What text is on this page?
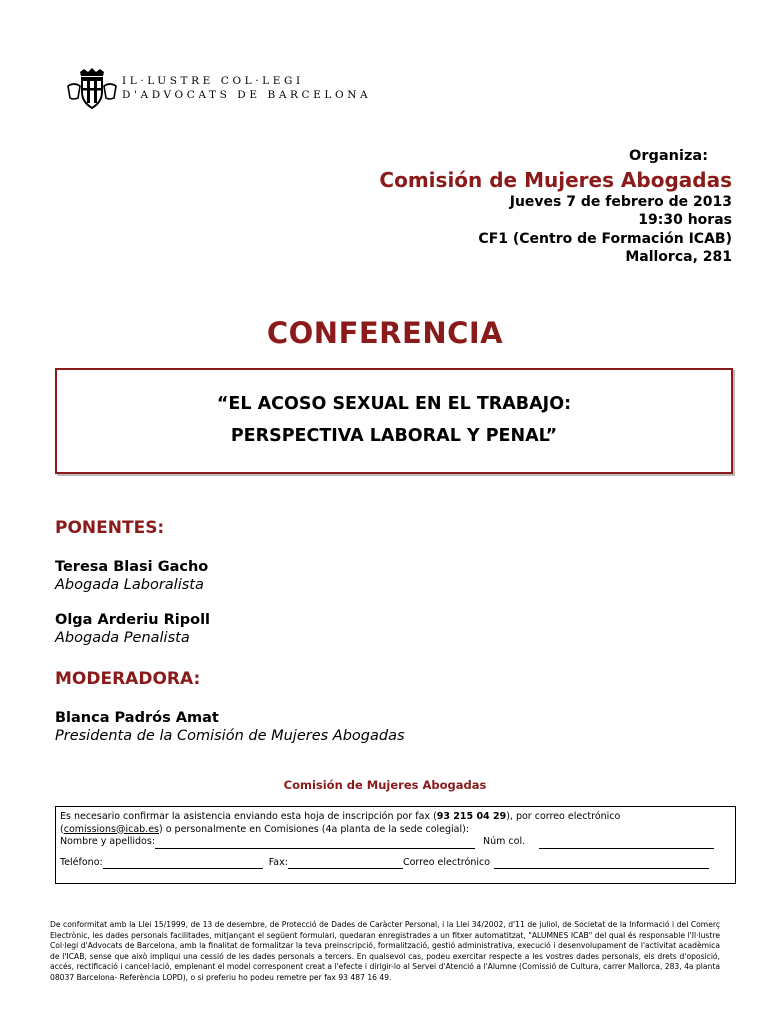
IL·LUSTRE COL·LEGI
D'ADVOCATS DE BARCELONA
Organiza:
Comisión de Mujeres Abogadas
Jueves 7 de febrero de 2013
19:30 horas
CF1 (Centro de Formación ICAB)
Mallorca, 281
CONFERENCIA
“EL ACOSO SEXUAL EN EL TRABAJO:
PERSPECTIVA LABORAL Y PENAL”
PONENTES:
Teresa Blasi Gacho
Abogada Laboralista
Olga Arderiu Ripoll
Abogada Penalista
MODERADORA:
Blanca Padrós Amat
Presidenta de la Comisión de Mujeres Abogadas
Comisión de Mujeres Abogadas

Es necesario confirmar la asistencia enviando esta hoja de inscripción por fax (93 215 04 29), por correo electrónico

(comissions@icab.es) o personalmente en Comisiones (4a planta de la sede colegial):

Nombre y apellidos:	Núm col.

Teléfono:	Fax:	Correo electrónico

De conformitat amb la Llei 15/1999, de 13 de desembre, de Protecció de Dades de Caràcter Personal, i la Llei 34/2002, d'11 de juliol, de Societat de la Informació i del Comerç Electrònic, les dades personals facilitades, mitjançant el següent formulari, quedaran enregistrades a un fitxer automatitzat, "ALUMNES ICAB" del qual és responsable l'Il·lustre Col·legi d'Advocats de Barcelona, amb la finalitat de formalitzar la teva preinscripció, formalització, gestió administrativa, execució i desenvolupament de l'activitat acadèmica de l'ICAB, sense que això impliqui una cessió de les dades personals a tercers. En qualsevol cas, podeu exercitar respecte a les vostres dades personals, els drets d'oposició, accés, rectificació i cancel·lació, emplenant el model corresponent creat a l'efecte i dirigir-lo al Servei d'Atenció a l'Alumne (Comissió de Cultura, carrer Mallorca, 283, 4a planta 08037 Barcelona- Referència LOPD), o si preferiu ho podeu remetre per fax 93 487 16 49.
